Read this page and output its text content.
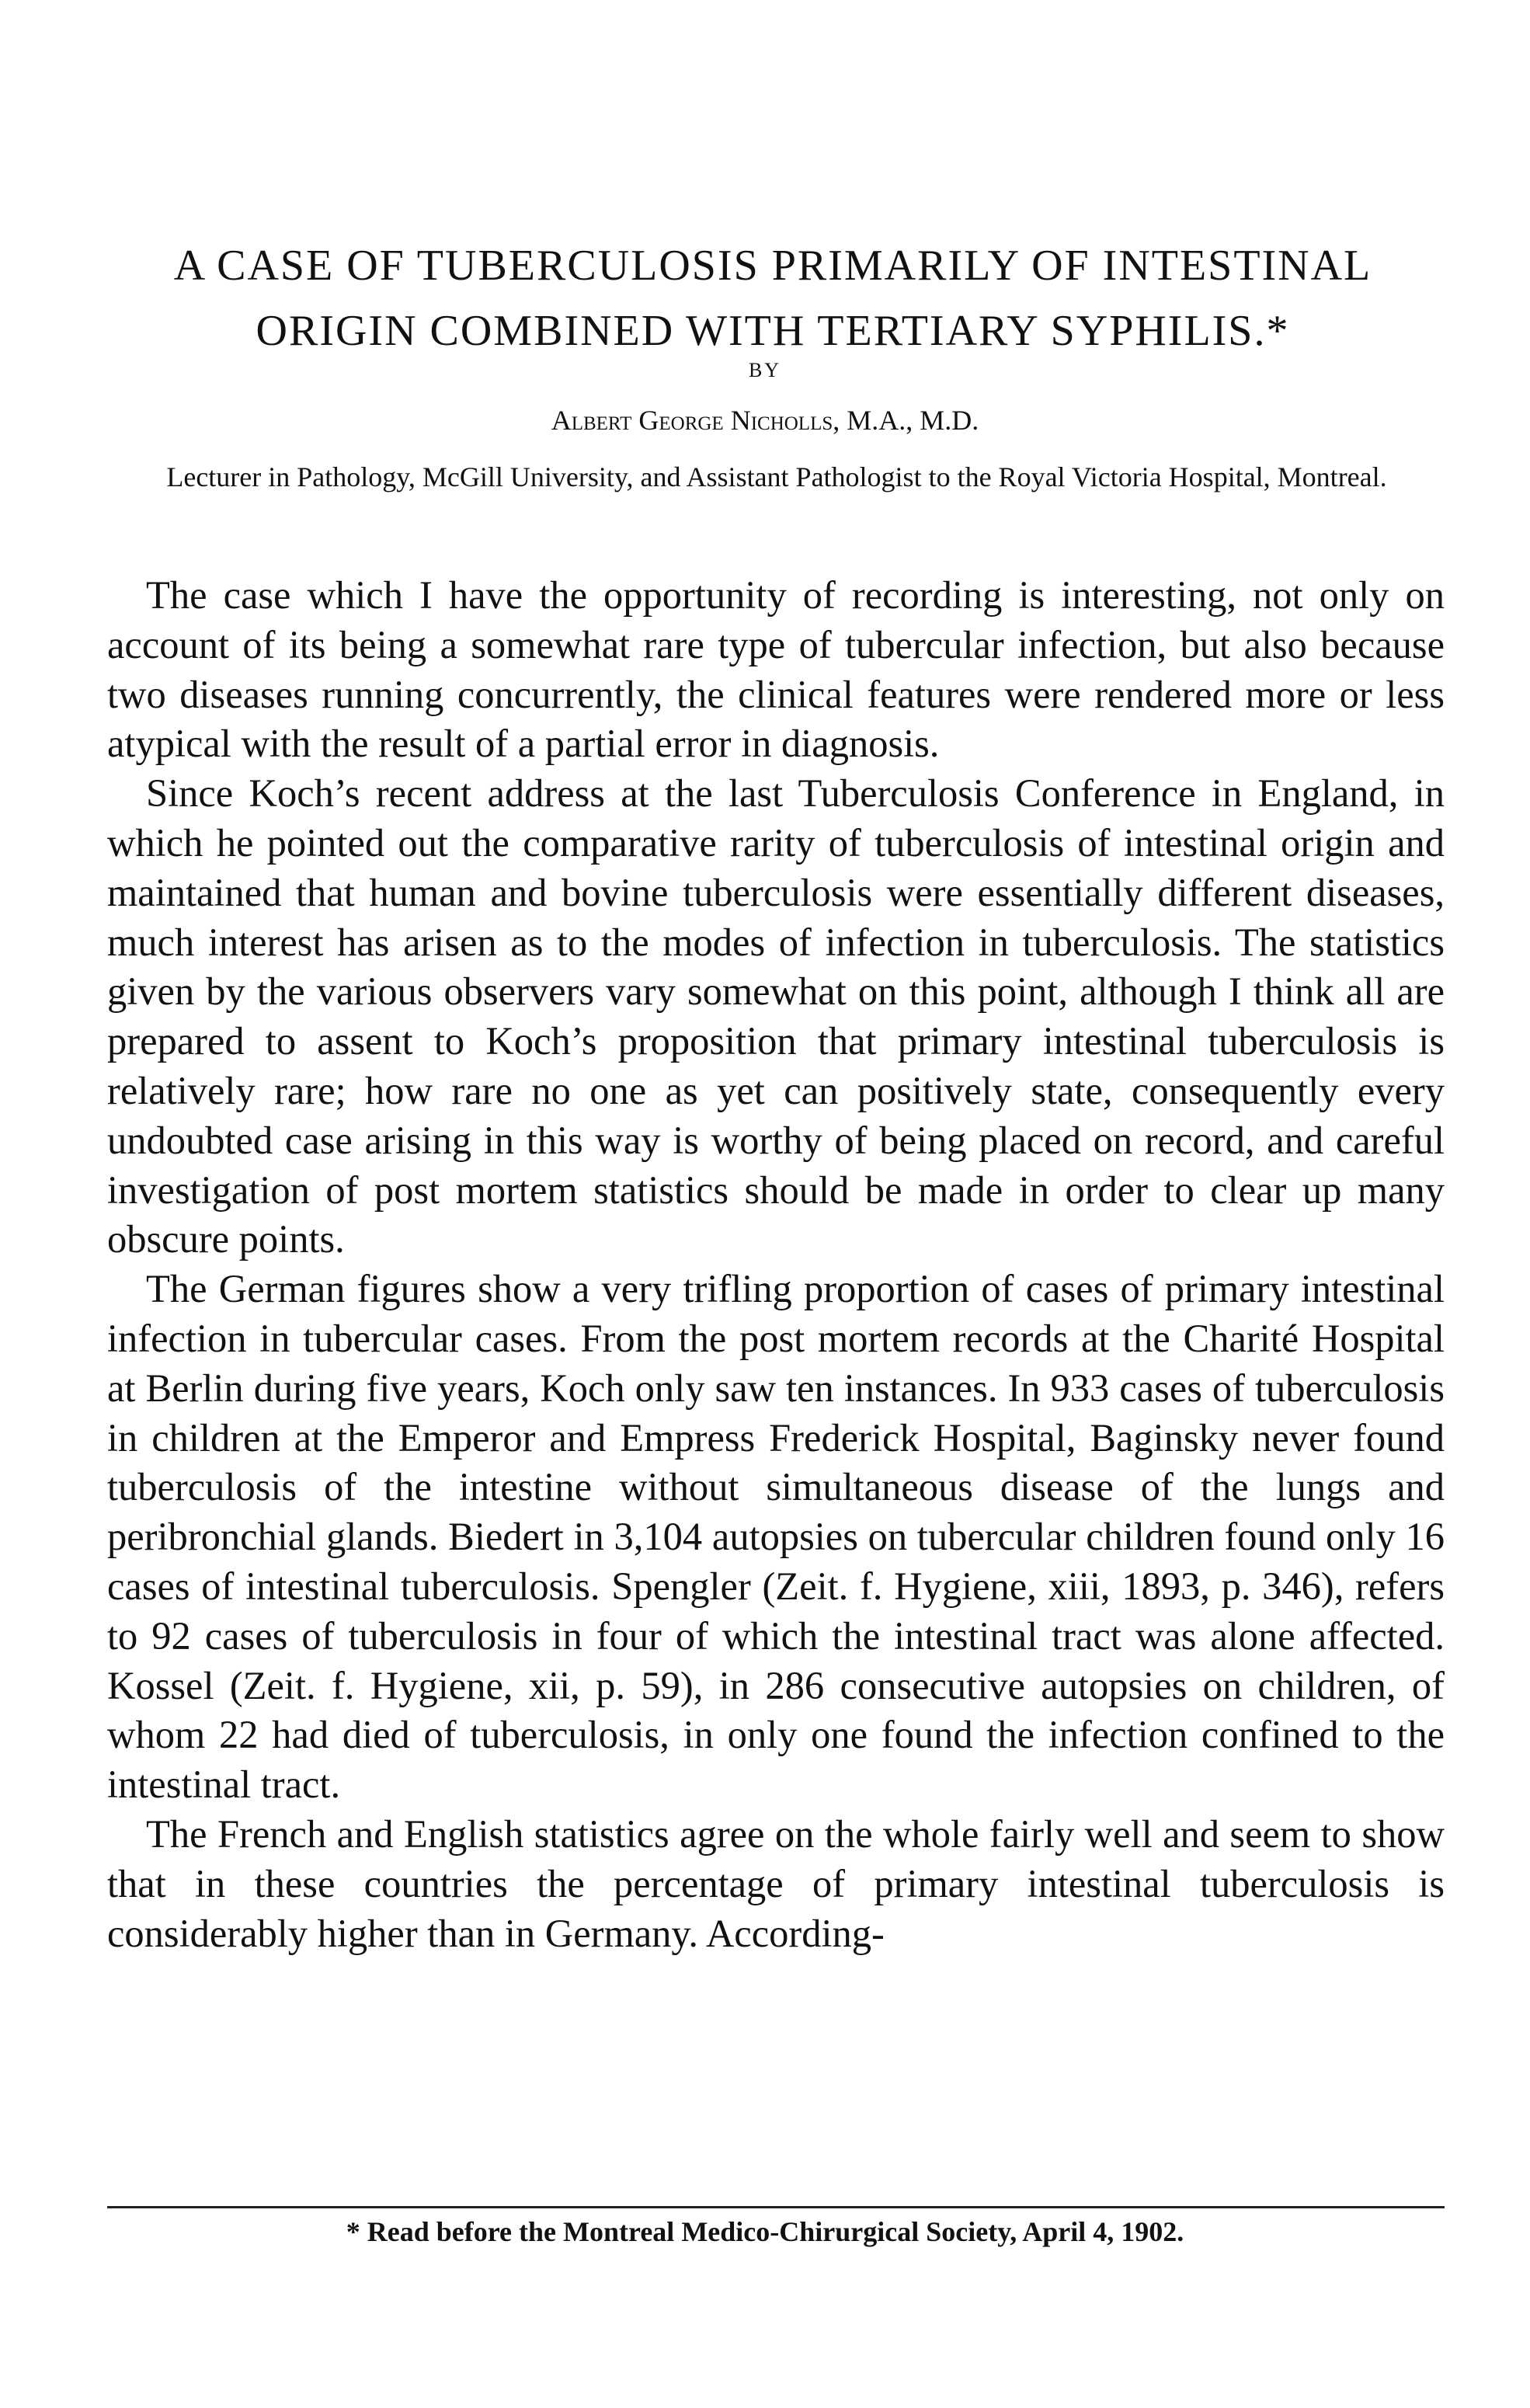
A CASE OF TUBERCULOSIS PRIMARILY OF INTESTINAL ORIGIN COMBINED WITH TERTIARY SYPHILIS.*
BY
Albert George Nicholls, M.A., M.D.
Lecturer in Pathology, McGill University, and Assistant Pathologist to the Royal Victoria Hospital, Montreal.

The case which I have the opportunity of recording is interesting, not only on account of its being a somewhat rare type of tubercular infection, but also because two diseases running concurrently, the clinical features were rendered more or less atypical with the result of a partial error in diagnosis.

Since Koch’s recent address at the last Tuberculosis Conference in England, in which he pointed out the comparative rarity of tuberculosis of intestinal origin and maintained that human and bovine tuberculosis were essentially different diseases, much interest has arisen as to the modes of infection in tuberculosis. The statistics given by the various observers vary somewhat on this point, although I think all are prepared to assent to Koch’s proposition that primary intestinal tuberculosis is relatively rare; how rare no one as yet can positively state, consequently every undoubted case arising in this way is worthy of being placed on record, and careful investigation of post mortem statistics should be made in order to clear up many obscure points.

The German figures show a very trifling proportion of cases of primary intestinal infection in tubercular cases. From the post mortem records at the Charité Hospital at Berlin during five years, Koch only saw ten instances. In 933 cases of tuberculosis in children at the Emperor and Empress Frederick Hospital, Baginsky never found tuberculosis of the intestine without simultaneous disease of the lungs and peribronchial glands. Biedert in 3,104 autopsies on tubercular children found only 16 cases of intestinal tuberculosis. Spengler (Zeit. f. Hygiene, xiii, 1893, p. 346), refers to 92 cases of tuberculosis in four of which the intestinal tract was alone affected. Kossel (Zeit. f. Hygiene, xii, p. 59), in 286 consecutive autopsies on children, of whom 22 had died of tuberculosis, in only one found the infection confined to the intestinal tract.

The French and English statistics agree on the whole fairly well and seem to show that in these countries the percentage of primary intestinal tuberculosis is considerably higher than in Germany. According-

* Read before the Montreal Medico-Chirurgical Society, April 4, 1902.
